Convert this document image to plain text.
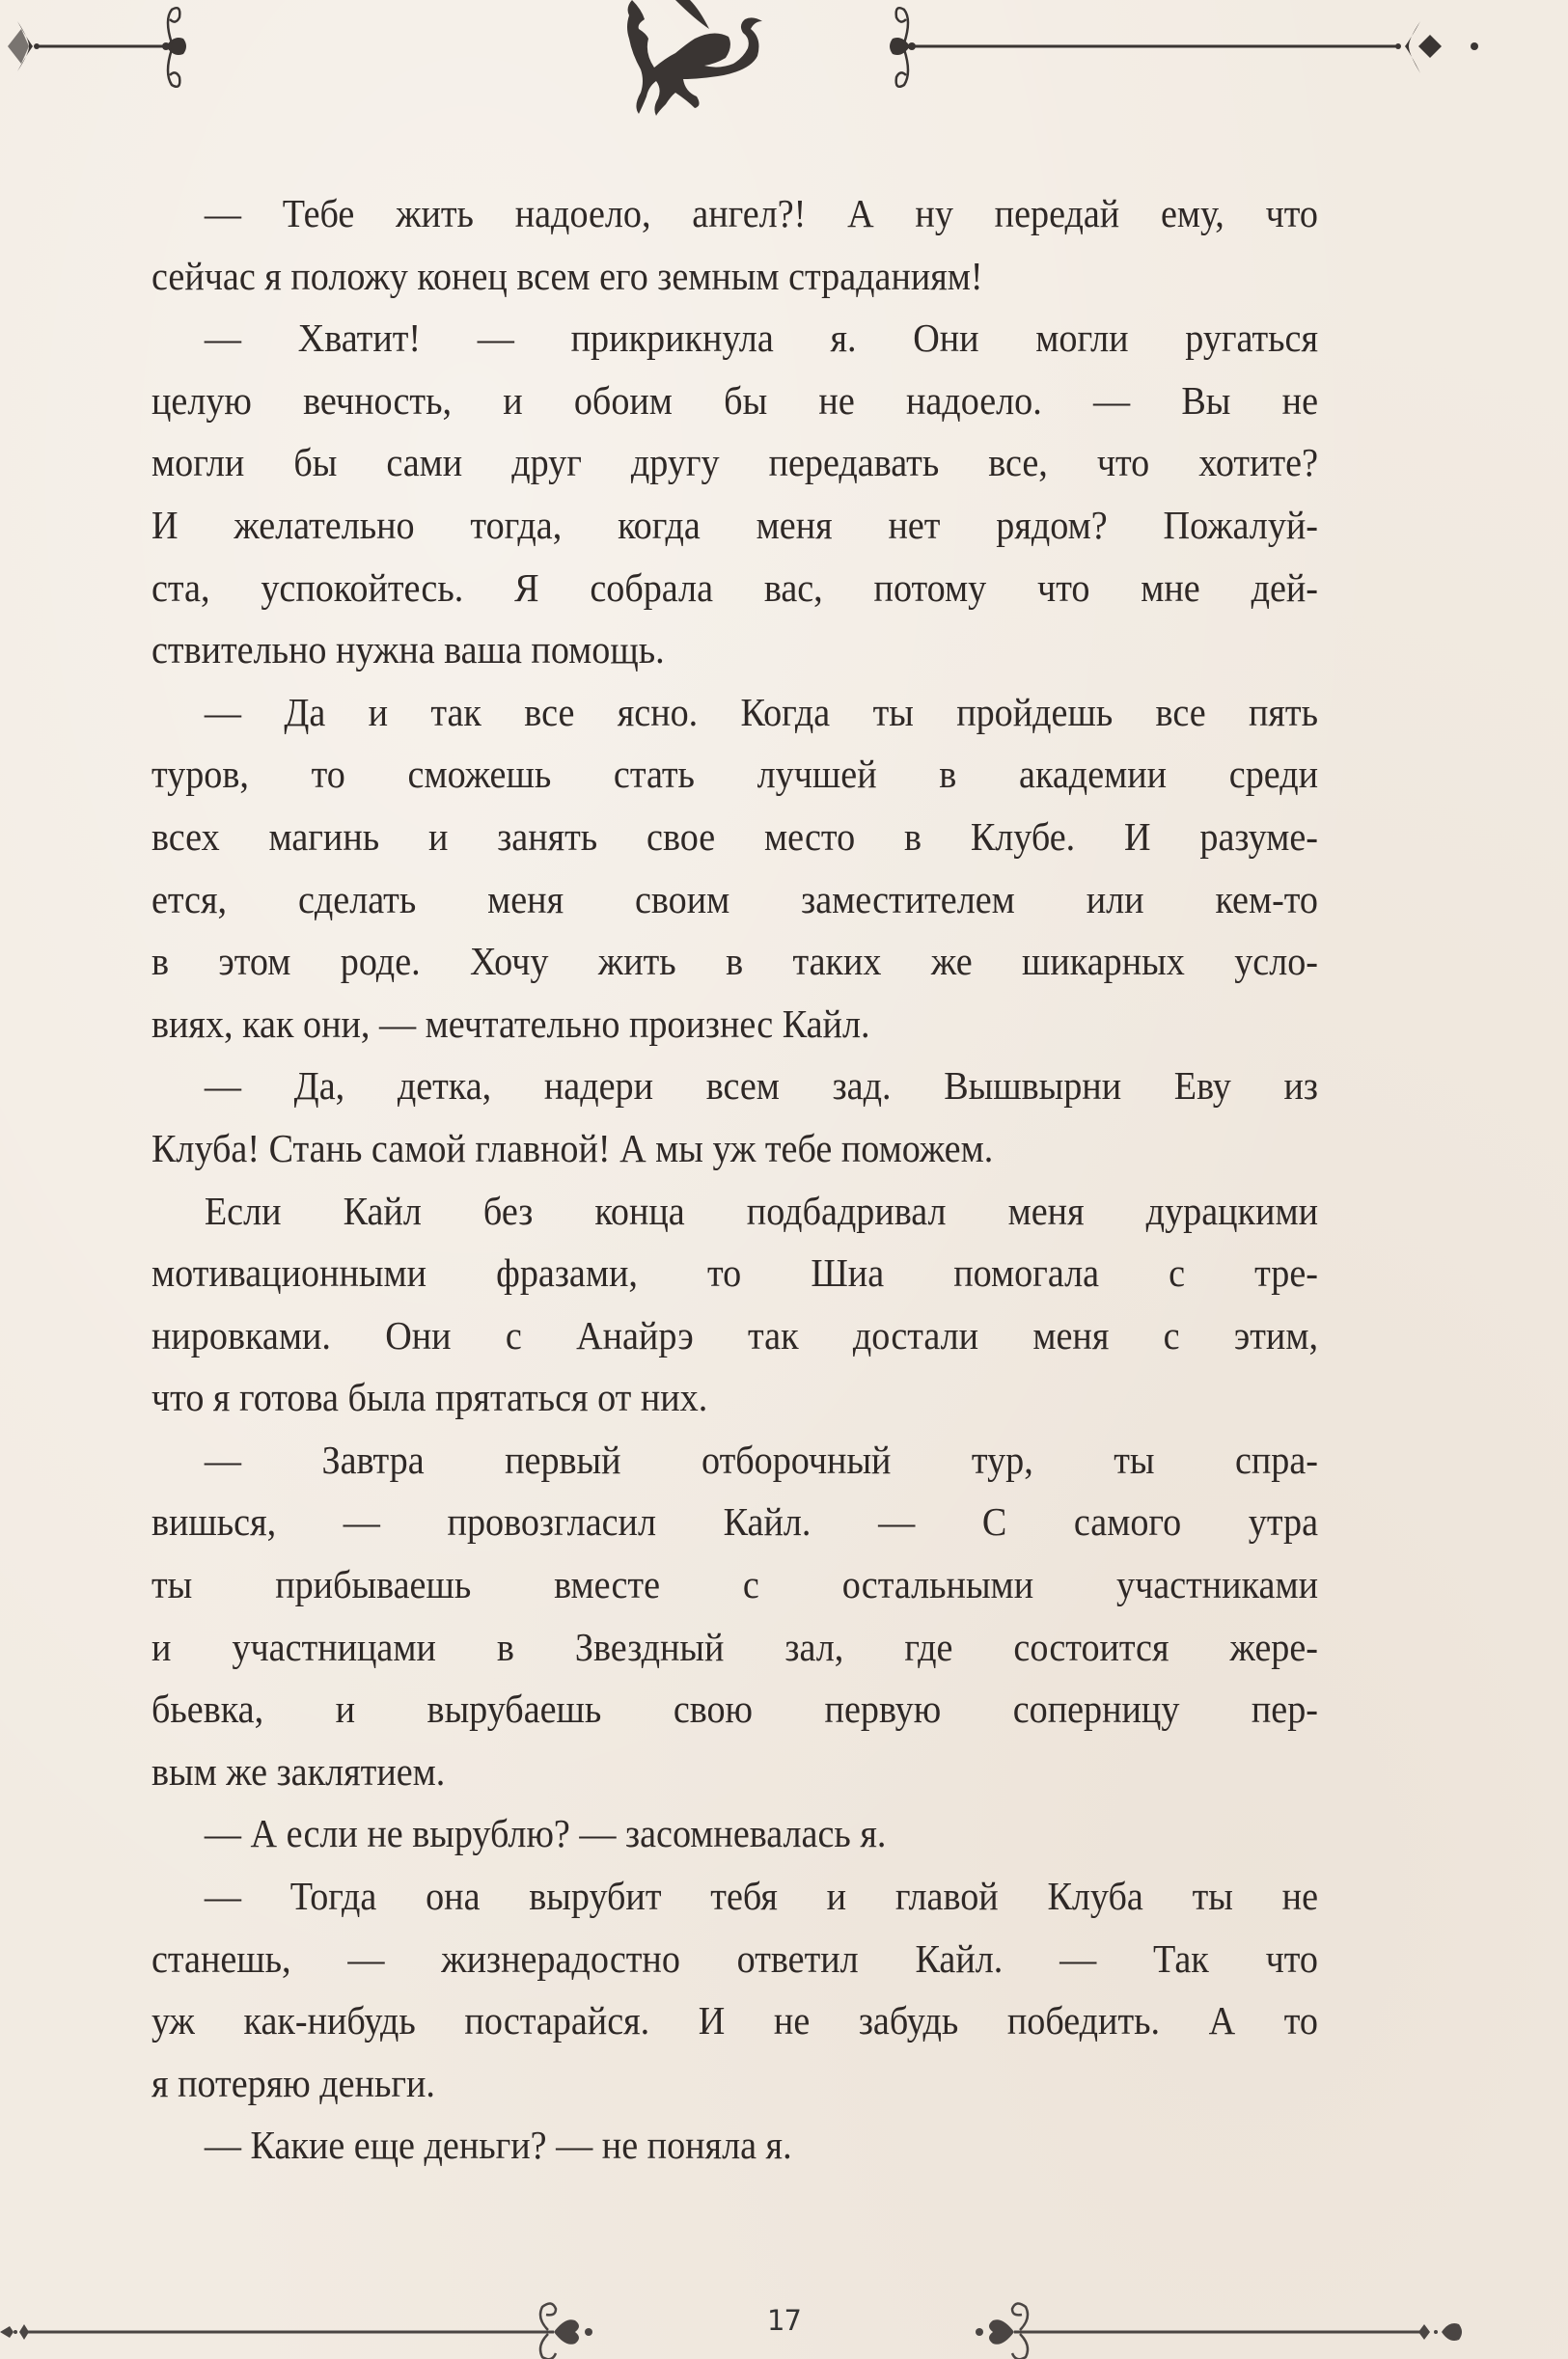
— Тебе жить надоело, ангел?! А ну передай ему, что
сейчас я положу конец всем его земным страданиям!
— Хватит! — прикрикнула я. Они могли ругаться
целую вечность, и обоим бы не надоело. — Вы не
могли бы сами друг другу передавать все, что хотите?
И желательно тогда, когда меня нет рядом? Пожалуй-
ста, успокойтесь. Я собрала вас, потому что мне дей-
ствительно нужна ваша помощь.
— Да и так все ясно. Когда ты пройдешь все пять
туров, то сможешь стать лучшей в академии среди
всех магинь и занять свое место в Клубе. И разуме-
ется, сделать меня своим заместителем или кем-то
в этом роде. Хочу жить в таких же шикарных усло-
виях, как они, — мечтательно произнес Кайл.
— Да, детка, надери всем зад. Вышвырни Еву из
Клуба! Стань самой главной! А мы уж тебе поможем.
Если Кайл без конца подбадривал меня дурацкими
мотивационными фразами, то Шиа помогала с тре-
нировками. Они с Анайрэ так достали меня с этим,
что я готова была прятаться от них.
— Завтра первый отборочный тур, ты спра-
вишься, — провозгласил Кайл. — С самого утра
ты прибываешь вместе с остальными участниками
и участницами в Звездный зал, где состоится жере-
бьевка, и вырубаешь свою первую соперницу пер-
вым же заклятием.
— А если не вырублю? — засомневалась я.
— Тогда она вырубит тебя и главой Клуба ты не
станешь, — жизнерадостно ответил Кайл. — Так что
уж как-нибудь постарайся. И не забудь победить. А то
я потеряю деньги.
— Какие еще деньги? — не поняла я.
17
